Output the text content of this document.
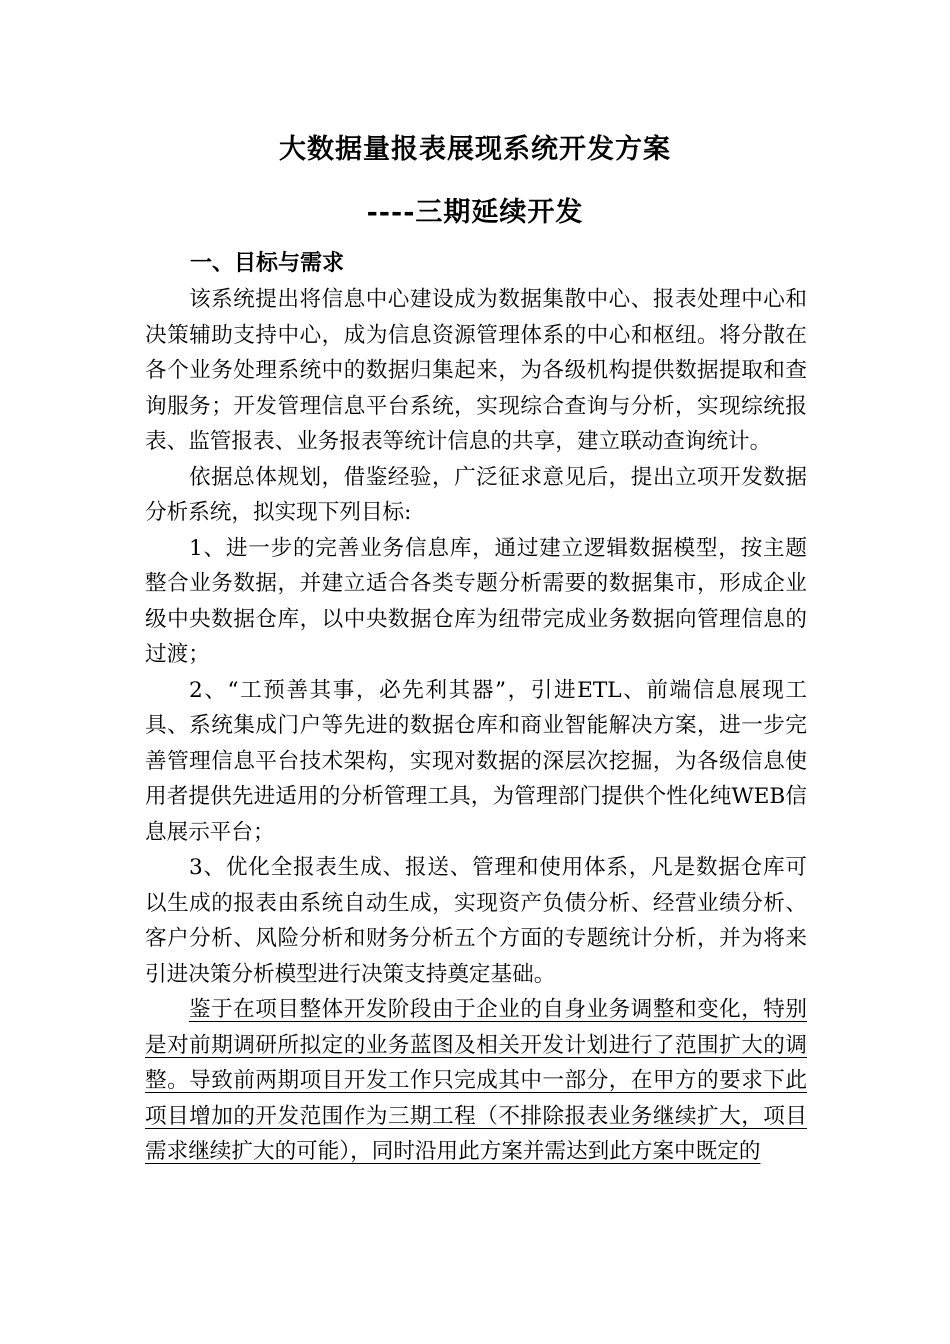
大数据量报表展现系统开发方案
----三期延续开发
一、目标与需求

该系统提出将信息中心建设成为数据集散中心、报表处理中心和决策辅助支持中心，成为信息资源管理体系的中心和枢纽。将分散在各个业务处理系统中的数据归集起来，为各级机构提供数据提取和查询服务；开发管理信息平台系统，实现综合查询与分析，实现综统报表、监管报表、业务报表等统计信息的共享，建立联动查询统计。

依据总体规划，借鉴经验，广泛征求意见后，提出立项开发数据分析系统，拟实现下列目标:

1、进一步的完善业务信息库，通过建立逻辑数据模型，按主题整合业务数据，并建立适合各类专题分析需要的数据集市，形成企业级中央数据仓库，以中央数据仓库为纽带完成业务数据向管理信息的过渡；

2、“工预善其事，必先利其器”，引进ETL、前端信息展现工具、系统集成门户等先进的数据仓库和商业智能解决方案，进一步完善管理信息平台技术架构，实现对数据的深层次挖掘，为各级信息使用者提供先进适用的分析管理工具，为管理部门提供个性化纯WEB信息展示平台；

3、优化全报表生成、报送、管理和使用体系，凡是数据仓库可以生成的报表由系统自动生成，实现资产负债分析、经营业绩分析、客户分析、风险分析和财务分析五个方面的专题统计分析，并为将来引进决策分析模型进行决策支持奠定基础。

鉴于在项目整体开发阶段由于企业的自身业务调整和变化，特别是对前期调研所拟定的业务蓝图及相关开发计划进行了范围扩大的调整。导致前两期项目开发工作只完成其中一部分，在甲方的要求下此项目增加的开发范围作为三期工程（不排除报表业务继续扩大，项目需求继续扩大的可能），同时沿用此方案并需达到此方案中既定的
